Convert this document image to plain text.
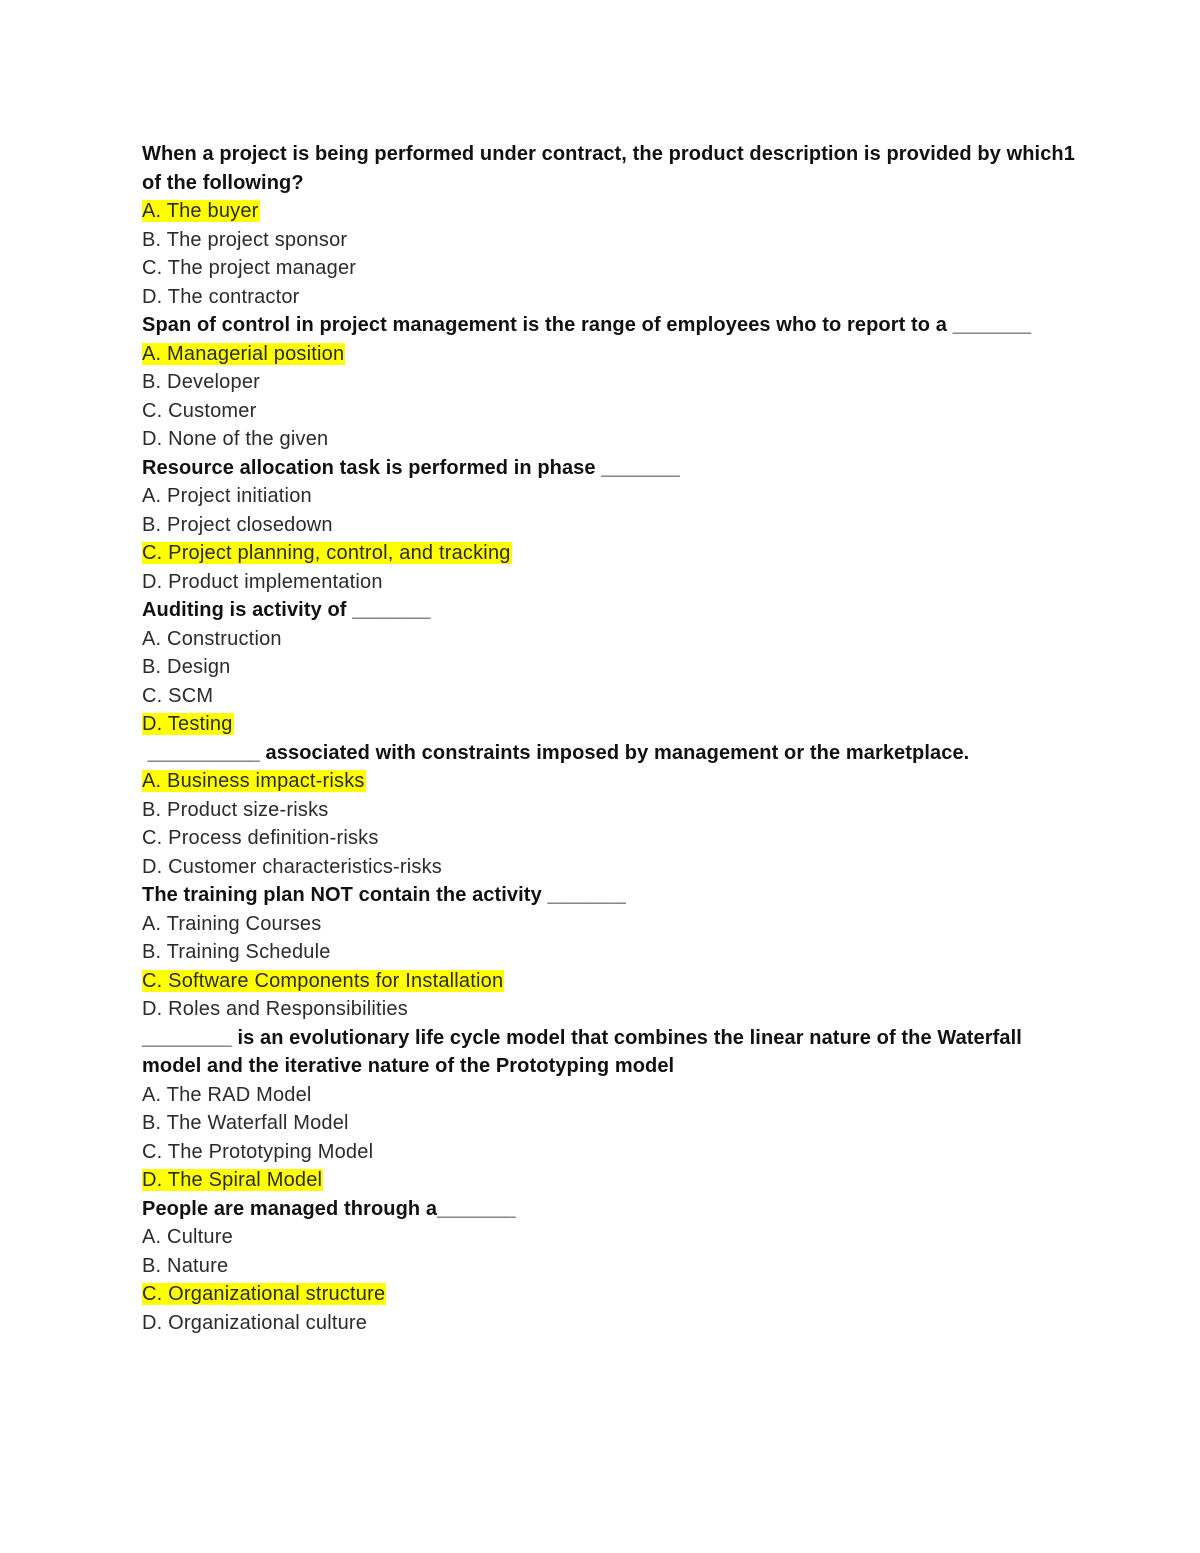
When a project is being performed under contract, the product description is provided by which1 of the following?
A. The buyer
B. The project sponsor
C. The project manager
D. The contractor
Span of control in project management is the range of employees who to report to a _______
A. Managerial position
B. Developer
C. Customer
D. None of the given
Resource allocation task is performed in phase _______
A. Project initiation
B. Project closedown
C. Project planning, control, and tracking
D. Product implementation
Auditing is activity of _______
A. Construction
B. Design
C. SCM
D. Testing
__________ associated with constraints imposed by management or the marketplace.
A. Business impact-risks
B. Product size-risks
C. Process definition-risks
D. Customer characteristics-risks
The training plan NOT contain the activity _______
A. Training Courses
B. Training Schedule
C. Software Components for Installation
D. Roles and Responsibilities
________ is an evolutionary life cycle model that combines the linear nature of the Waterfall model and the iterative nature of the Prototyping model
A. The RAD Model
B. The Waterfall Model
C. The Prototyping Model
D. The Spiral Model
People are managed through a_______
A. Culture
B. Nature
C. Organizational structure
D. Organizational culture
